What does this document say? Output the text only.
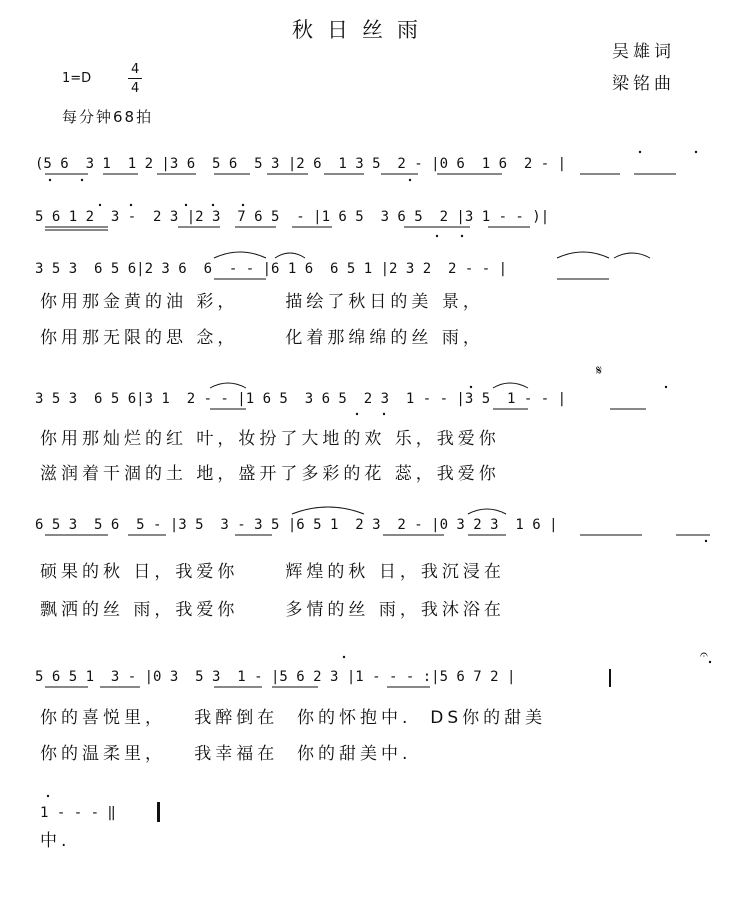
秋日丝雨
吴雄词
梁铭曲
1=D
4
4
每分钟68拍
(5 6  3 1  1 2 |3 6  5 6  5 3 |2 6  1 3 5  2 - |0 6  1 6  2 - |
5 6 1 2  3 -  2 3 |2 3  7 6 5  - |1 6 5  3 6 5  2 |3 1 - - )|
3 5 3  6 5 6|2 3 6  6  - - |6 1 6  6 5 1 |2 3 2  2 - - |
你用那金黄的油 彩，     描绘了秋日的美 景，
你用那无限的思 念，     化着那绵绵的丝 雨，
𝄋
3 5 3  6 5 6|3 1  2 - - |1 6 5  3 6 5  2 3  1 - - |3 5  1 - - |
你用那灿烂的红 叶，妆扮了大地的欢 乐，我爱你
滋润着干涸的土 地，盛开了多彩的花 蕊，我爱你
6 5 3  5 6  5 - |3 5  3 - 3 5 |6 5 1  2 3  2 - |0 3 2 3  1 6 |
硕果的秋 日，我爱你     辉煌的秋 日，我沉浸在
飘洒的丝 雨，我爱你     多情的丝 雨，我沐浴在
𝄐
5 6 5 1  3 - |0 3  5 3  1 - |5 6 2 3 |1 - - - :|5 6 7 2 |
你的喜悦里，   我醉倒在  你的怀抱中.  DS你的甜美
你的温柔里，   我幸福在  你的甜美中.
1 - - - ‖
中.
